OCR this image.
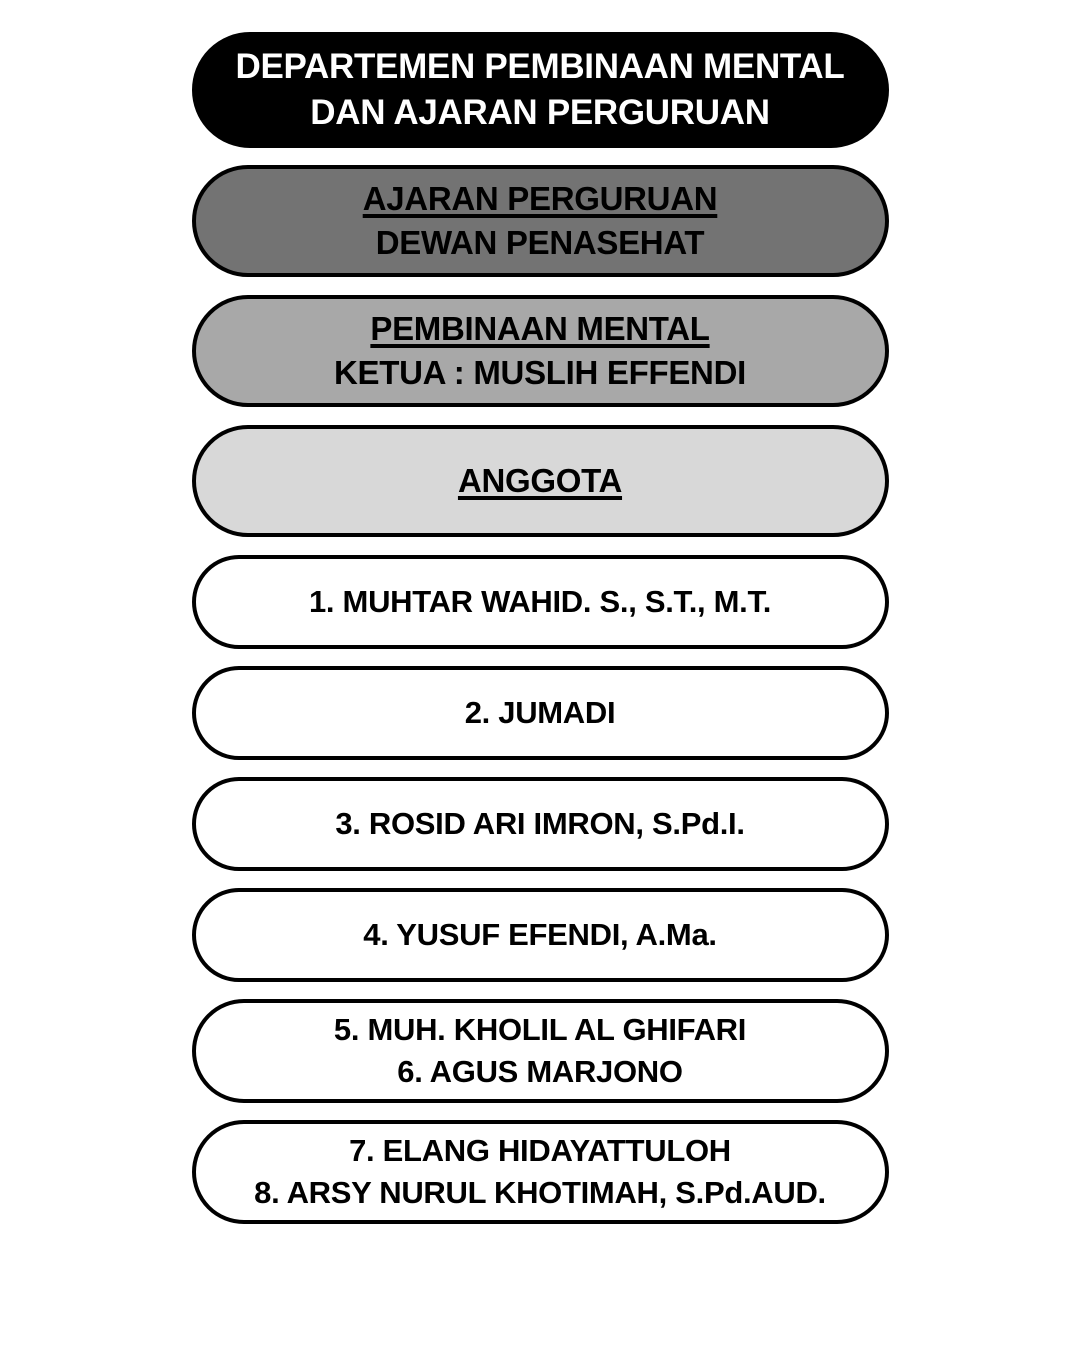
DEPARTEMEN PEMBINAAN MENTAL
DAN AJARAN PERGURUAN
AJARAN PERGURUAN
DEWAN PENASEHAT
PEMBINAAN MENTAL
KETUA : MUSLIH EFFENDI
ANGGOTA
1. MUHTAR WAHID. S., S.T., M.T.
2. JUMADI
3. ROSID ARI IMRON, S.Pd.I.
4. YUSUF EFENDI, A.Ma.
5. MUH. KHOLIL AL GHIFARI
6. AGUS MARJONO
7. ELANG HIDAYATTULOH
8. ARSY NURUL KHOTIMAH, S.Pd.AUD.
